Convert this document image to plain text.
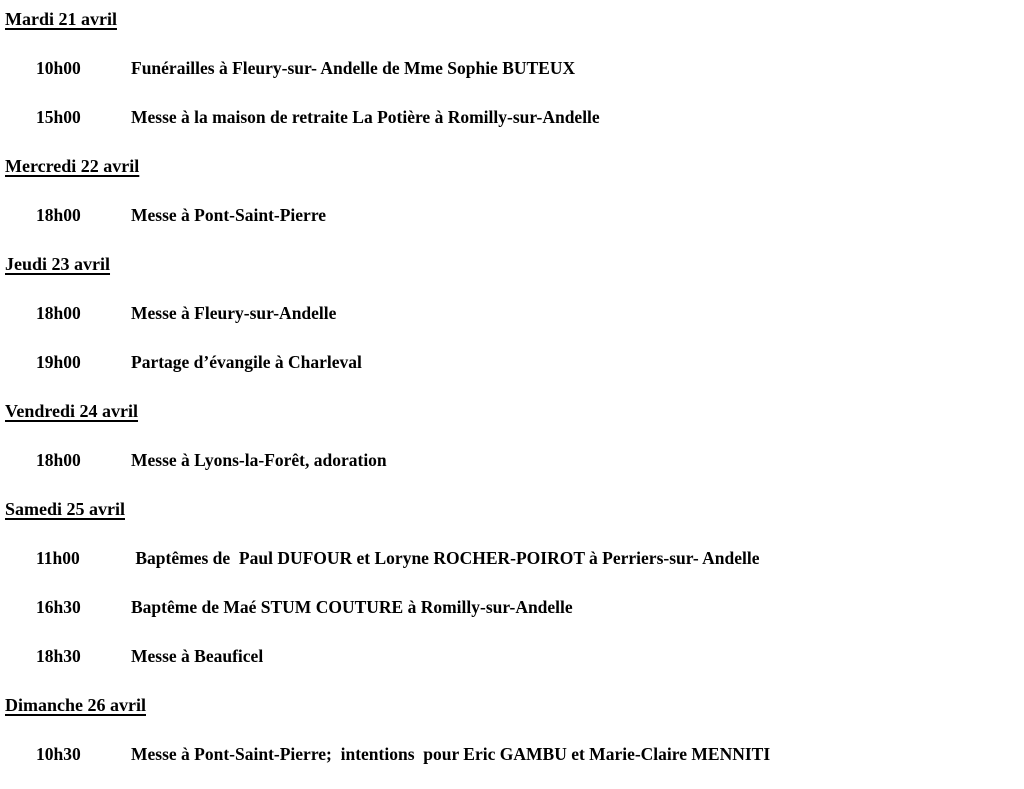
Mardi 21 avril
10h00	Funérailles à Fleury-sur- Andelle de Mme Sophie BUTEUX
15h00	Messe à la maison de retraite La Potière à Romilly-sur-Andelle
Mercredi 22 avril
18h00	Messe à Pont-Saint-Pierre
Jeudi 23 avril
18h00	Messe à Fleury-sur-Andelle
19h00	Partage d’évangile à Charleval
Vendredi 24 avril
18h00	Messe à Lyons-la-Forêt, adoration
Samedi 25 avril
11h00	Baptêmes de  Paul DUFOUR et Loryne ROCHER-POIROT à Perriers-sur- Andelle
16h30	Baptême de Maé STUM COUTURE à Romilly-sur-Andelle
18h30	Messe à Beauficel
Dimanche 26 avril
10h30	Messe à Pont-Saint-Pierre;  intentions  pour Eric GAMBU et Marie-Claire MENNITI
